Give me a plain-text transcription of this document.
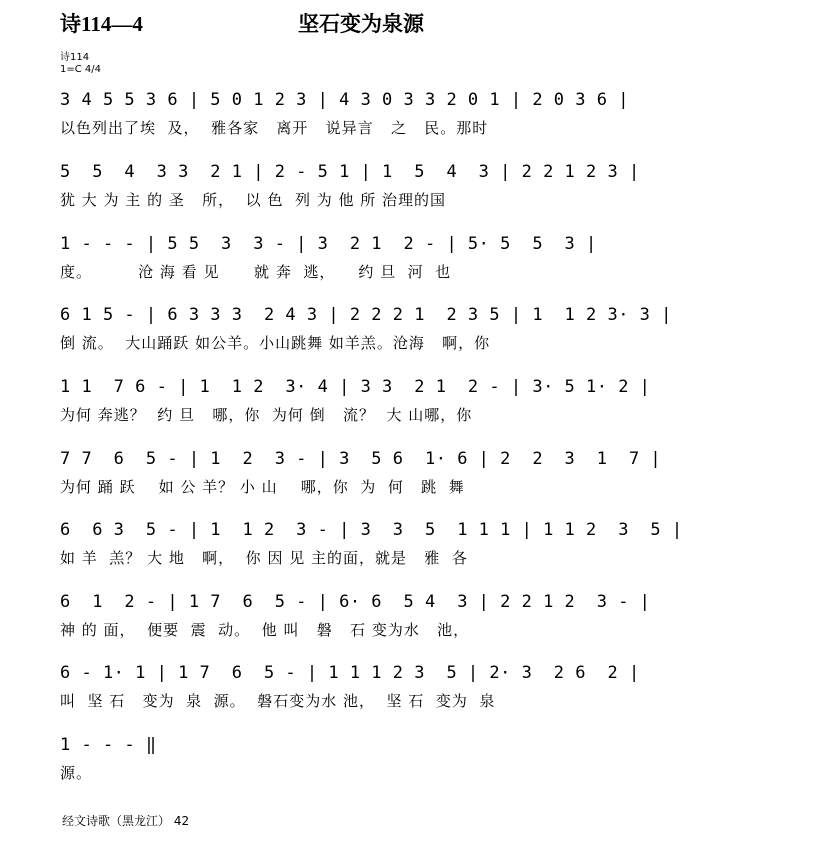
诗114—4	坚石变为泉源
诗114
1=C 4/4
3 4 5 5 3 6 | 5 0 1 2 3 | 4 3 0 3 3 2 0 1 | 2 0 3 6 |
以色列出了埃  及，  雅各家   离开   说异言   之   民。那时
5  5  4  3 3  2 1 | 2 - 5 1 | 1  5  4  3 | 2 2 1 2 3 |
犹 大 为 主 的 圣   所，  以 色  列 为 他 所 治理的国
1 - - - | 5 5  3  3 - | 3  2 1  2 - | 5· 5  5  3 |
度。        沧 海 看 见      就 奔  逃，    约 旦  河  也
6 1 5 - | 6 3 3 3  2 4 3 | 2 2 2 1  2 3 5 | 1  1 2 3· 3 |
倒 流。  大山踊跃 如公羊。小山跳舞 如羊羔。沧海   啊，你
1 1  7 6 - | 1  1 2  3· 4 | 3 3  2 1  2 - | 3· 5 1· 2 |
为何 奔逃？  约 旦   哪，你  为何 倒   流？  大 山哪，你
7 7  6  5 - | 1  2  3 - | 3  5 6  1· 6 | 2  2  3  1  7 |
为何 踊 跃    如 公 羊？ 小 山    哪，你  为  何   跳  舞
6  6 3  5 - | 1  1 2  3 - | 3  3  5  1 1 1 | 1 1 2  3  5 |
如 羊  羔？ 大 地   啊，  你 因 见 主的面，就是   雅  各
6  1  2 - | 1 7  6  5 - | 6· 6  5 4  3 | 2 2 1 2  3 - |
神 的 面，  便要  震  动。  他 叫   磐   石 变为水   池，
6 - 1· 1 | 1 7  6  5 - | 1 1 1 2 3  5 | 2· 3  2 6  2 |
叫  坚 石   变为  泉  源。  磐石变为水 池，  坚 石  变为  泉
1 - - - ‖
源。
经文诗歌（黑龙江） 42
